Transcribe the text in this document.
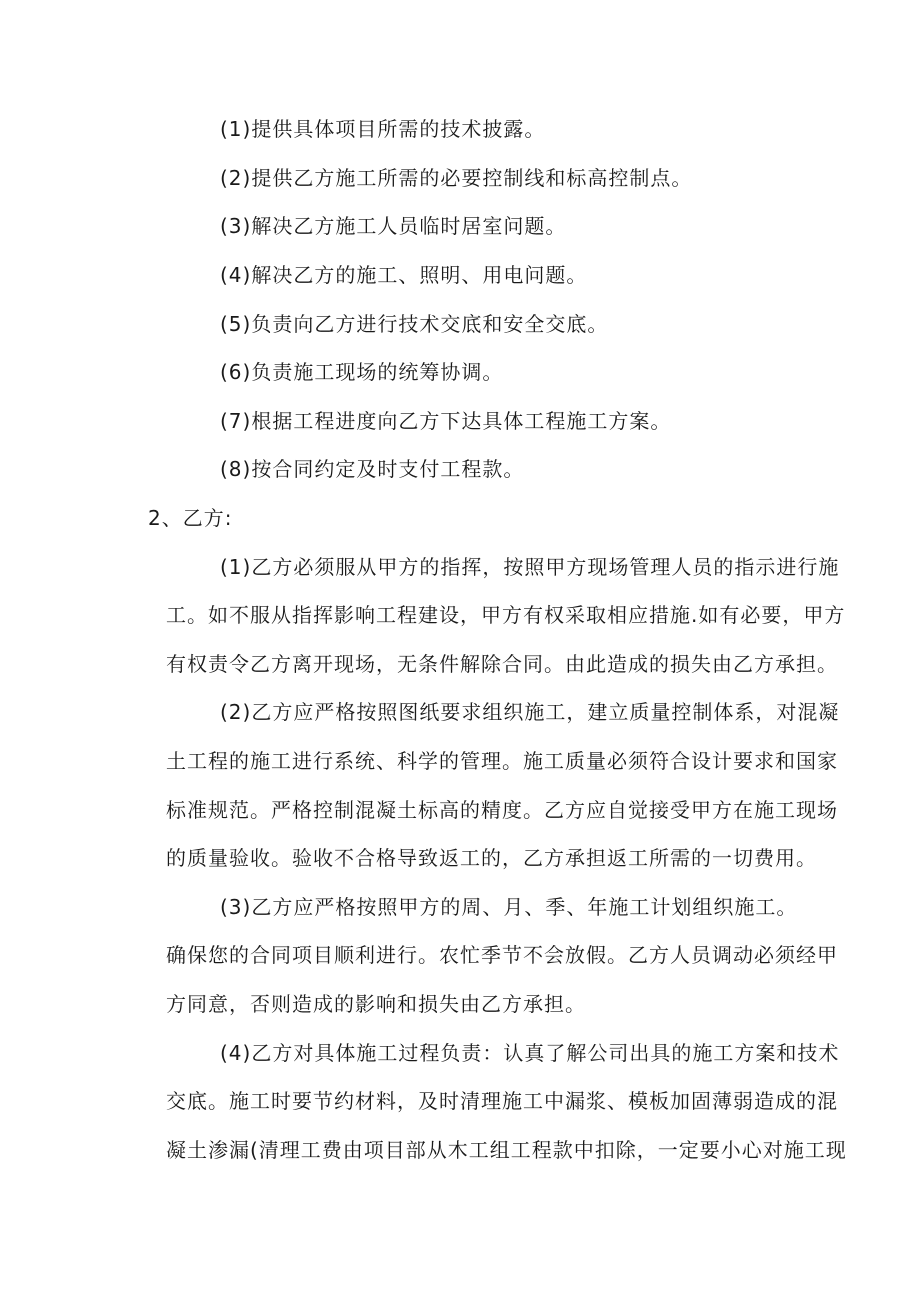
(1)提供具体项目所需的技术披露。
(2)提供乙方施工所需的必要控制线和标高控制点。
(3)解决乙方施工人员临时居室问题。
(4)解决乙方的施工、照明、用电问题。
(5)负责向乙方进行技术交底和安全交底。
(6)负责施工现场的统筹协调。
(7)根据工程进度向乙方下达具体工程施工方案。
(8)按合同约定及时支付工程款。
2、乙方:
(1)乙方必须服从甲方的指挥，按照甲方现场管理人员的指示进行施
工。如不服从指挥影响工程建设，甲方有权采取相应措施.如有必要，甲方
有权责令乙方离开现场，无条件解除合同。由此造成的损失由乙方承担。
(2)乙方应严格按照图纸要求组织施工，建立质量控制体系，对混凝
土工程的施工进行系统、科学的管理。施工质量必须符合设计要求和国家
标准规范。严格控制混凝土标高的精度。乙方应自觉接受甲方在施工现场
的质量验收。验收不合格导致返工的，乙方承担返工所需的一切费用。
(3)乙方应严格按照甲方的周、月、季、年施工计划组织施工。
确保您的合同项目顺利进行。农忙季节不会放假。乙方人员调动必须经甲
方同意，否则造成的影响和损失由乙方承担。
(4)乙方对具体施工过程负责：认真了解公司出具的施工方案和技术
交底。施工时要节约材料，及时清理施工中漏浆、模板加固薄弱造成的混
凝土渗漏(清理工费由项目部从木工组工程款中扣除，一定要小心对施工现
